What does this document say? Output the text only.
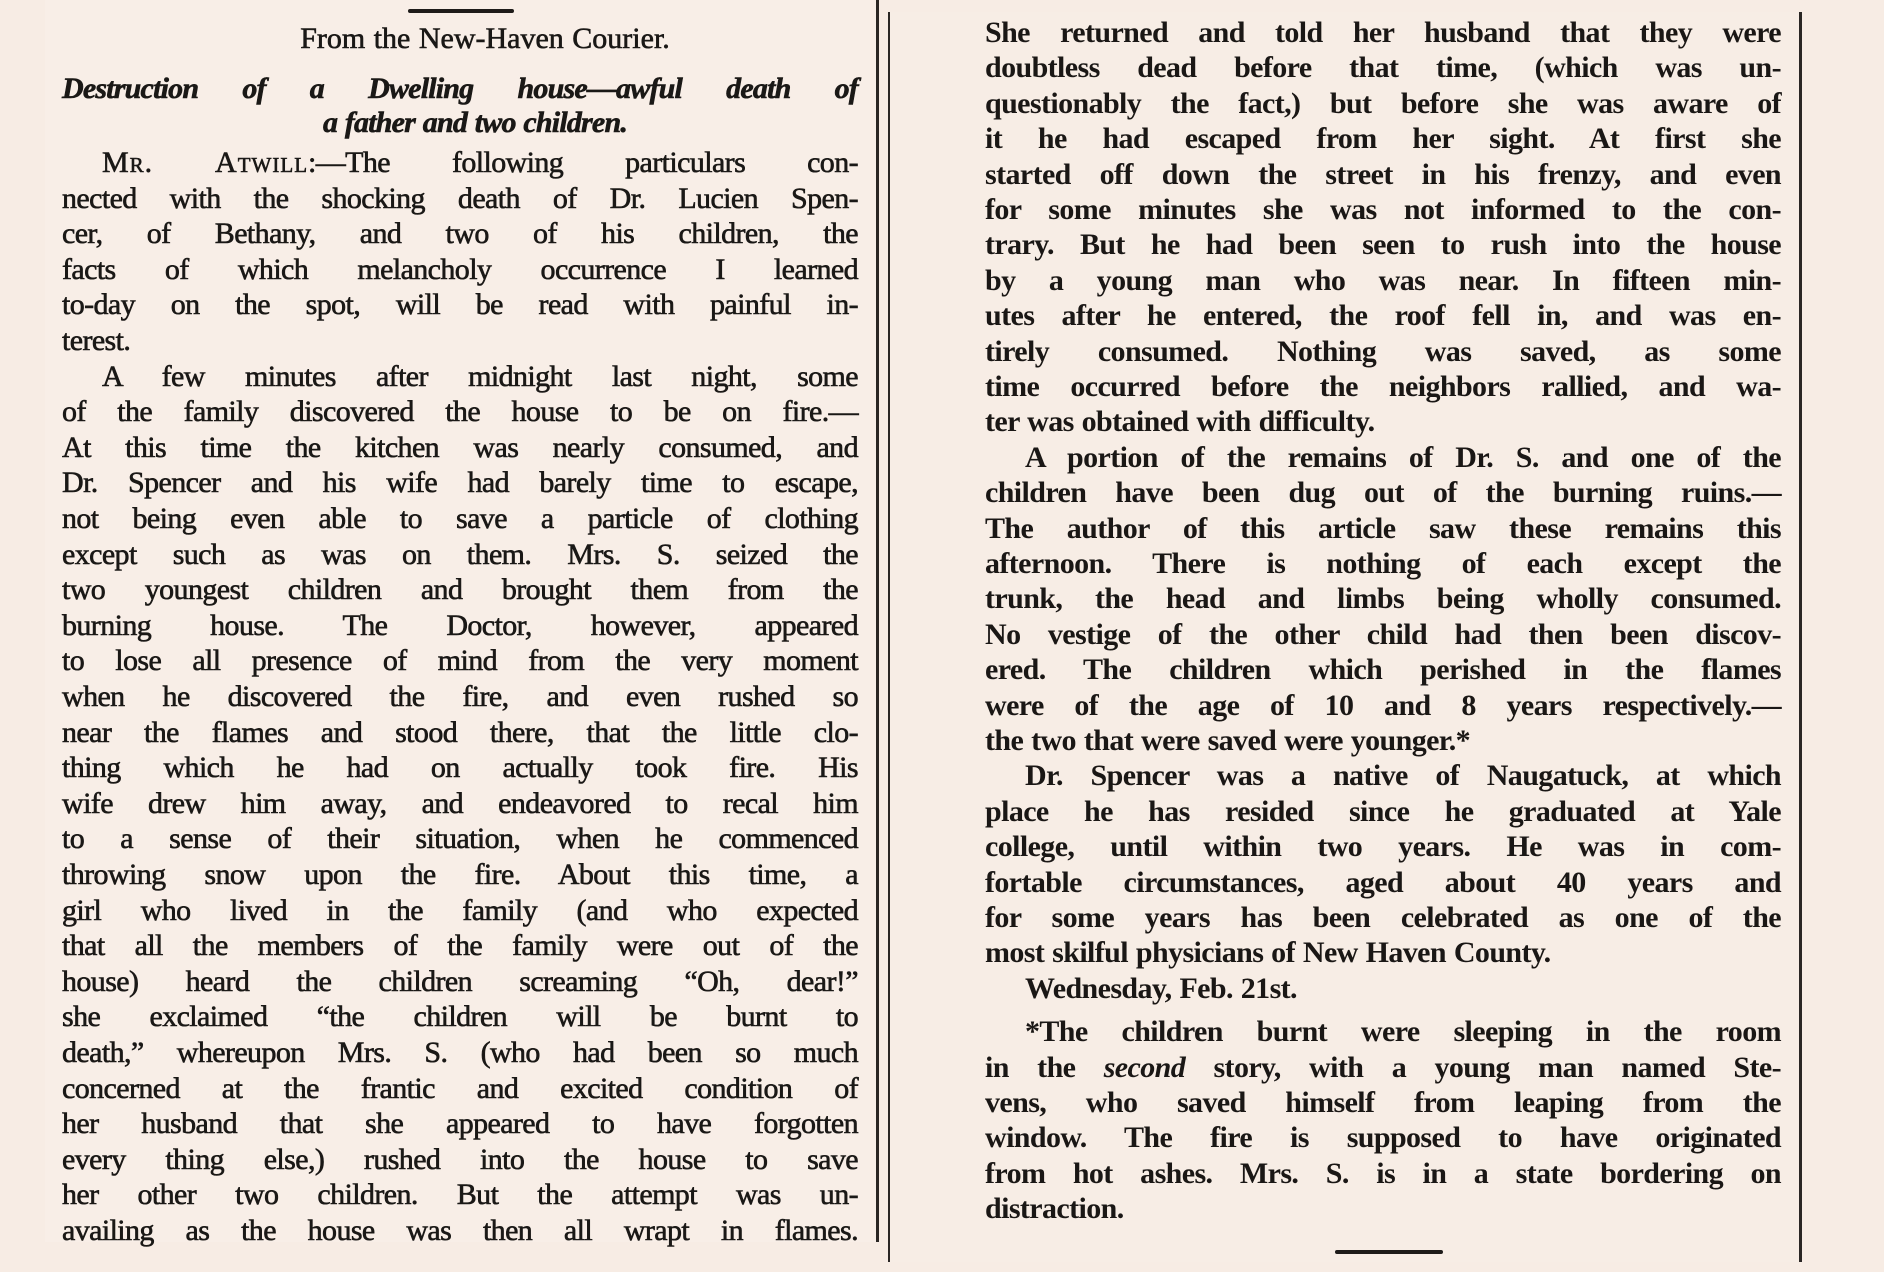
From the New-Haven Courier.
Destruction of a Dwelling house—awful death of
a father and two children.
Mr. Atwill:—The following particulars con-
nected with the shocking death of Dr. Lucien Spen-
cer, of Bethany, and two of his children, the
facts of which melancholy occurrence I learned
to-day on the spot, will be read with painful in-
terest.
A few minutes after midnight last night, some
of the family discovered the house to be on fire.—
At this time the kitchen was nearly consumed, and
Dr. Spencer and his wife had barely time to escape,
not being even able to save a particle of clothing
except such as was on them. Mrs. S. seized the
two youngest children and brought them from the
burning house. The Doctor, however, appeared
to lose all presence of mind from the very moment
when he discovered the fire, and even rushed so
near the flames and stood there, that the little clo-
thing which he had on actually took fire. His
wife drew him away, and endeavored to recal him
to a sense of their situation, when he commenced
throwing snow upon the fire. About this time, a
girl who lived in the family (and who expected
that all the members of the family were out of the
house) heard the children screaming “Oh, dear!”
she exclaimed “the children will be burnt to
death,” whereupon Mrs. S. (who had been so much
concerned at the frantic and excited condition of
her husband that she appeared to have forgotten
every thing else,) rushed into the house to save
her other two children. But the attempt was un-
availing as the house was then all wrapt in flames.
She returned and told her husband that they were
doubtless dead before that time, (which was un-
questionably the fact,) but before she was aware of
it he had escaped from her sight. At first she
started off down the street in his frenzy, and even
for some minutes she was not informed to the con-
trary. But he had been seen to rush into the house
by a young man who was near. In fifteen min-
utes after he entered, the roof fell in, and was en-
tirely consumed. Nothing was saved, as some
time occurred before the neighbors rallied, and wa-
ter was obtained with difficulty.
A portion of the remains of Dr. S. and one of the
children have been dug out of the burning ruins.—
The author of this article saw these remains this
afternoon. There is nothing of each except the
trunk, the head and limbs being wholly consumed.
No vestige of the other child had then been discov-
ered. The children which perished in the flames
were of the age of 10 and 8 years respectively.—
the two that were saved were younger.*
Dr. Spencer was a native of Naugatuck, at which
place he has resided since he graduated at Yale
college, until within two years. He was in com-
fortable circumstances, aged about 40 years and
for some years has been celebrated as one of the
most skilful physicians of New Haven County.
Wednesday, Feb. 21st.
*The children burnt were sleeping in the room
in the second story, with a young man named Ste-
vens, who saved himself from leaping from the
window. The fire is supposed to have originated
from hot ashes. Mrs. S. is in a state bordering on
distraction.
